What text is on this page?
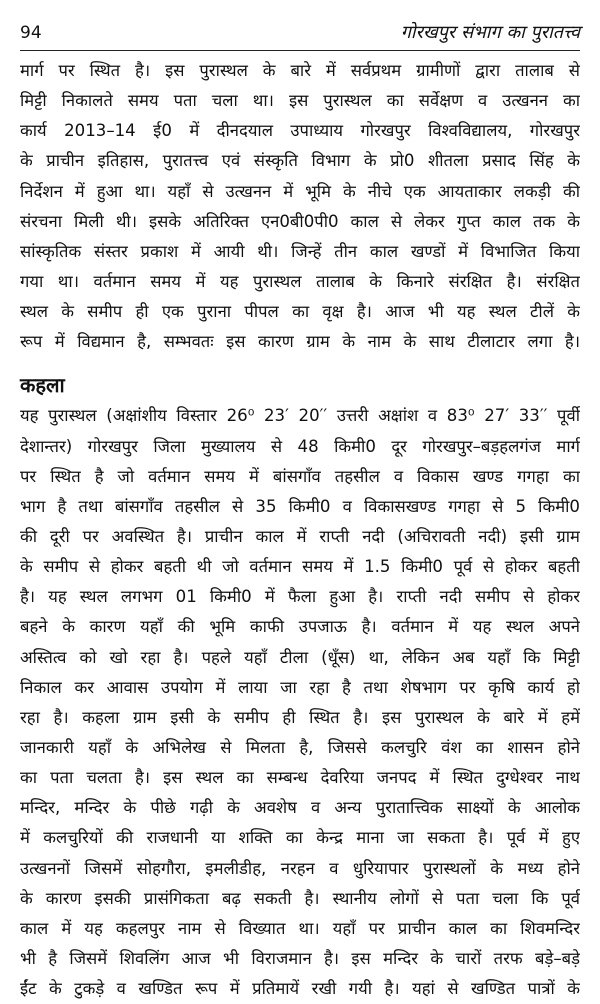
94	गोरखपुर संभाग का पुरातत्त्व
मार्ग पर स्थित है। इस पुरास्थल के बारे में सर्वप्रथम ग्रामीणों द्वारा तालाब से
मिट्टी निकालते समय पता चला था। इस पुरास्थल का सर्वेक्षण व उत्खनन का
कार्य 2013–14 ई0 में दीनदयाल उपाध्याय गोरखपुर विश्वविद्यालय, गोरखपुर
के प्राचीन इतिहास, पुरातत्त्व एवं संस्कृति विभाग के प्रो0 शीतला प्रसाद सिंह के
निर्देशन में हुआ था। यहाँ से उत्खनन में भूमि के नीचे एक आयताकार लकड़ी की
संरचना मिली थी। इसके अतिरिक्त एन0बी0पी0 काल से लेकर गुप्त काल तक के
सांस्कृतिक संस्तर प्रकाश में आयी थी। जिन्हें तीन काल खण्डों में विभाजित किया
गया था। वर्तमान समय में यह पुरास्थल तालाब के किनारे संरक्षित है। संरक्षित
स्थल के समीप ही एक पुराना पीपल का वृक्ष है। आज भी यह स्थल टीलें के
रूप में विद्यमान है, सम्भवतः इस कारण ग्राम के नाम के साथ टीलाटार लगा है।
कहला
यह पुरास्थल (अक्षांशीय विस्तार 26⁰ 23′ 20′′ उत्तरी अक्षांश व 83⁰ 27′ 33′′ पूर्वी
देशान्तर) गोरखपुर जिला मुख्यालय से 48 किमी0 दूर गोरखपुर–बड़हलगंज मार्ग
पर स्थित है जो वर्तमान समय में बांसगाँव तहसील व विकास खण्ड गगहा का
भाग है तथा बांसगाँव तहसील से 35 किमी0 व विकासखण्ड गगहा से 5 किमी0
की दूरी पर अवस्थित है। प्राचीन काल में राप्ती नदी (अचिरावती नदी) इसी ग्राम
के समीप से होकर बहती थी जो वर्तमान समय में 1.5 किमी0 पूर्व से होकर बहती
है। यह स्थल लगभग 01 किमी0 में फैला हुआ है। राप्ती नदी समीप से होकर
बहने के कारण यहाँ की भूमि काफी उपजाऊ है। वर्तमान में यह स्थल अपने
अस्तित्व को खो रहा है। पहले यहाँ टीला (धूँस) था, लेकिन अब यहाँ कि मिट्टी
निकाल कर आवास उपयोग में लाया जा रहा है तथा शेषभाग पर कृषि कार्य हो
रहा है। कहला ग्राम इसी के समीप ही स्थित है। इस पुरास्थल के बारे में हमें
जानकारी यहाँ के अभिलेख से मिलता है, जिससे कलचुरि वंश का शासन होने
का पता चलता है। इस स्थल का सम्बन्ध देवरिया जनपद में स्थित दुग्धेश्वर नाथ
मन्दिर, मन्दिर के पीछे गढ़ी के अवशेष व अन्य पुरातात्त्विक साक्ष्यों के आलोक
में कलचुरियों की राजधानी या शक्ति का केन्द्र माना जा सकता है। पूर्व में हुए
उत्खननों जिसमें सोहगौरा, इमलीडीह, नरहन व धुरियापार पुरास्थलों के मध्य होने
के कारण इसकी प्रासंगिकता बढ़ सकती है। स्थानीय लोगों से पता चला कि पूर्व
काल में यह कहलपुर नाम से विख्यात था। यहाँ पर प्राचीन काल का शिवमन्दिर
भी है जिसमें शिवलिंग आज भी विराजमान है। इस मन्दिर के चारों तरफ बड़े–बड़े
ईंट के टुकड़े व खण्डित रूप में प्रतिमायें रखी गयी है। यहां से खण्डित पात्रों के
